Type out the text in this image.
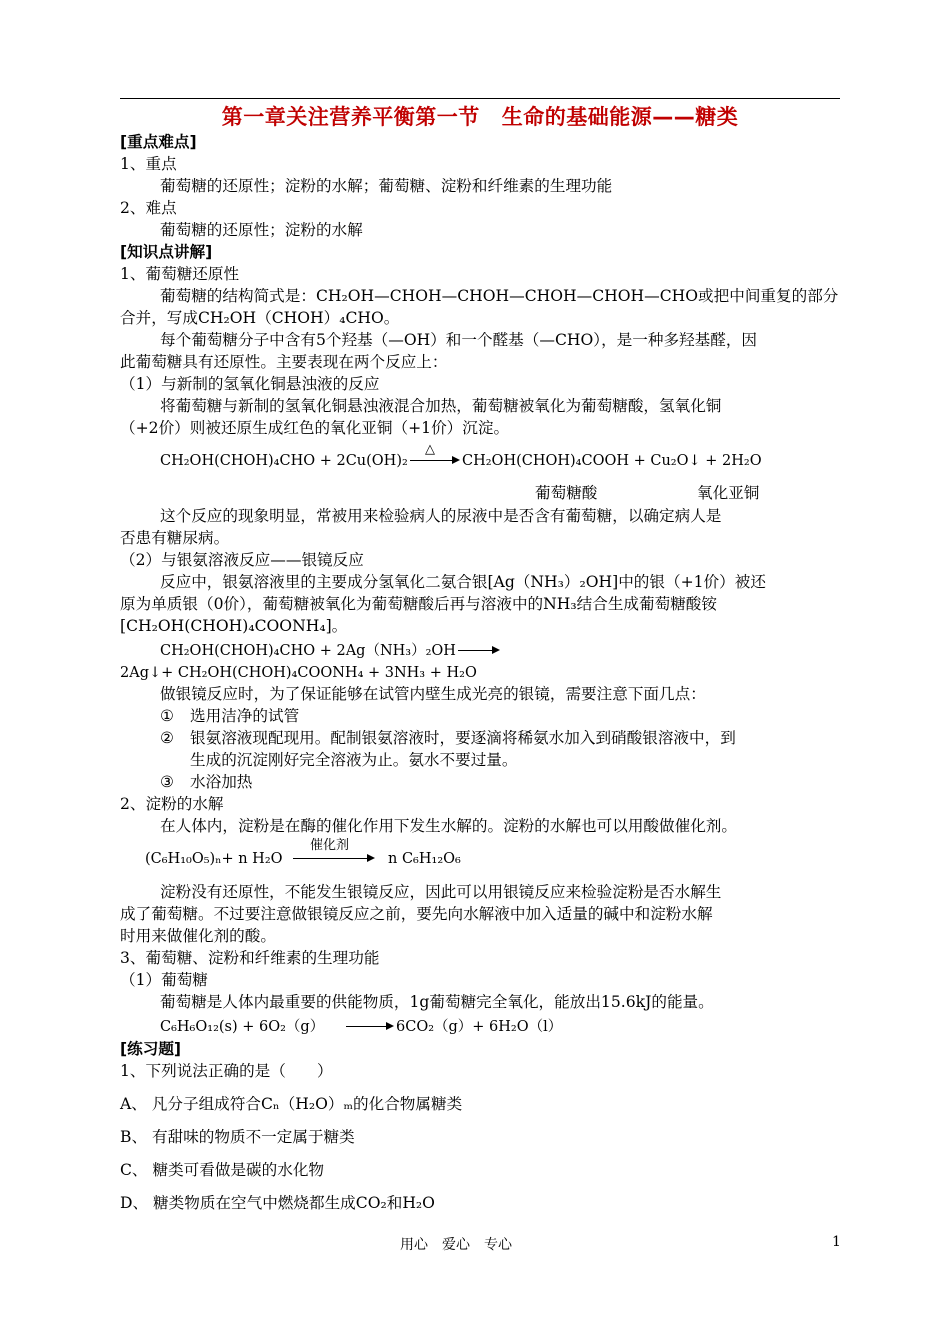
第一章关注营养平衡第一节 生命的基础能源——糖类
[重点难点]
1、重点
葡萄糖的还原性；淀粉的水解；葡萄糖、淀粉和纤维素的生理功能
2、难点
葡萄糖的还原性；淀粉的水解
[知识点讲解]
1、葡萄糖还原性
葡萄糖的结构简式是：CH₂OH—CHOH—CHOH—CHOH—CHOH—CHO或把中间重复的部分
合并，写成CH₂OH（CHOH）₄CHO。
每个葡萄糖分子中含有5个羟基（—OH）和一个醛基（—CHO），是一种多羟基醛，因
此葡萄糖具有还原性。主要表现在两个反应上：
（1）与新制的氢氧化铜悬浊液的反应
将葡萄糖与新制的氢氧化铜悬浊液混合加热，葡萄糖被氧化为葡萄糖酸，氢氧化铜
（+2价）则被还原生成红色的氧化亚铜（+1价）沉淀。
CH₂OH(CHOH)₄CHO + 2Cu(OH)₂
△
CH₂OH(CHOH)₄COOH + Cu₂O↓ + 2H₂O
葡萄糖酸	氧化亚铜
这个反应的现象明显，常被用来检验病人的尿液中是否含有葡萄糖，以确定病人是
否患有糖尿病。
（2）与银氨溶液反应——银镜反应
反应中，银氨溶液里的主要成分氢氧化二氨合银[Ag（NH₃）₂OH]中的银（+1价）被还
原为单质银（0价），葡萄糖被氧化为葡萄糖酸后再与溶液中的NH₃结合生成葡萄糖酸铵
[CH₂OH(CHOH)₄COONH₄]。
CH₂OH(CHOH)₄CHO + 2Ag（NH₃）₂OH
2Ag↓+ CH₂OH(CHOH)₄COONH₄ + 3NH₃ + H₂O
做银镜反应时，为了保证能够在试管内壁生成光亮的银镜，需要注意下面几点：
① 选用洁净的试管
② 银氨溶液现配现用。配制银氨溶液时，要逐滴将稀氨水加入到硝酸银溶液中，到
生成的沉淀刚好完全溶液为止。氨水不要过量。
③ 水浴加热
2、淀粉的水解
在人体内，淀粉是在酶的催化作用下发生水解的。淀粉的水解也可以用酸做催化剂。
(C₆H₁₀O₅)ₙ+ n H₂O
催化剂
n C₆H₁₂O₆
淀粉没有还原性，不能发生银镜反应，因此可以用银镜反应来检验淀粉是否水解生
成了葡萄糖。不过要注意做银镜反应之前，要先向水解液中加入适量的碱中和淀粉水解
时用来做催化剂的酸。
3、葡萄糖、淀粉和纤维素的生理功能
（1）葡萄糖
葡萄糖是人体内最重要的供能物质，1g葡萄糖完全氧化，能放出15.6kJ的能量。
C₆H₆O₁₂(s) + 6O₂（g）	6CO₂（g）+ 6H₂O（l）
[练习题]
1、下列说法正确的是（　　）
A、 凡分子组成符合Cₙ（H₂O）ₘ的化合物属糖类
B、 有甜味的物质不一定属于糖类
C、 糖类可看做是碳的水化物
D、 糖类物质在空气中燃烧都生成CO₂和H₂O
用心　爱心　专心	1
